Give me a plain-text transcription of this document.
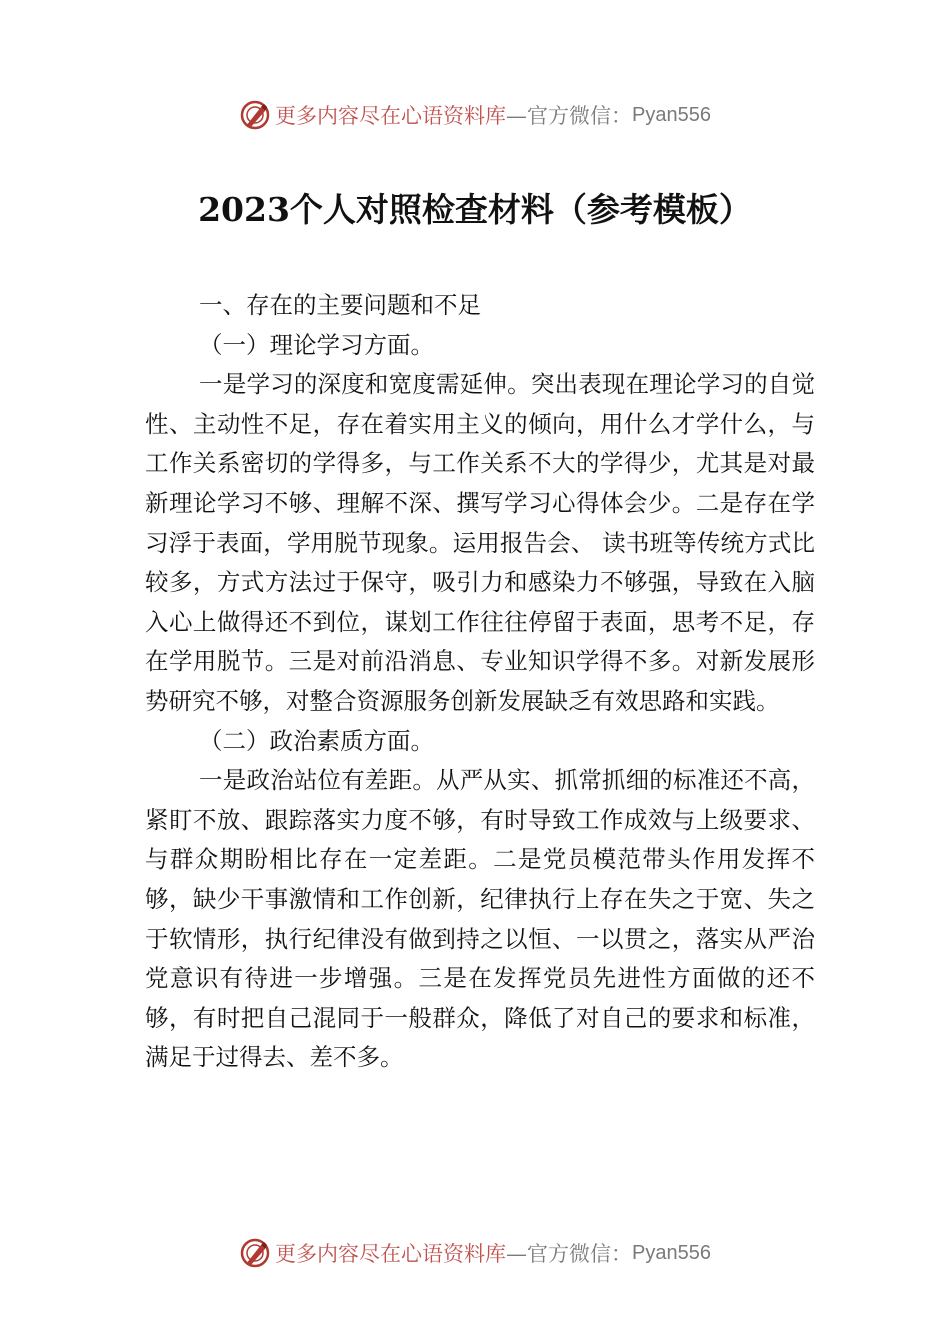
更多内容尽在心语资料库 —官方微信： Pyan556
2023个人对照检查材料（参考模板）

一、存在的主要问题和不足

（一）理论学习方面。

一是学习的深度和宽度需延伸。突出表现在理论学习的自觉性、主动性不足，存在着实用主义的倾向，用什么才学什么，与工作关系密切的学得多，与工作关系不大的学得少，尤其是对最新理论学习不够、理解不深、撰写学习心得体会少。二是存在学习浮于表面，学用脱节现象。运用报告会、 读书班等传统方式比较多，方式方法过于保守，吸引力和感染力不够强，导致在入脑入心上做得还不到位，谋划工作往往停留于表面，思考不足，存在学用脱节。三是对前沿消息、专业知识学得不多。对新发展形势研究不够，对整合资源服务创新发展缺乏有效思路和实践。

（二）政治素质方面。

一是政治站位有差距。从严从实、抓常抓细的标准还不高，紧盯不放、跟踪落实力度不够，有时导致工作成效与上级要求、与群众期盼相比存在一定差距。二是党员模范带头作用发挥不够，缺少干事激情和工作创新，纪律执行上存在失之于宽、失之于软情形，执行纪律没有做到持之以恒、一以贯之，落实从严治党意识有待进一步增强。三是在发挥党员先进性方面做的还不够，有时把自己混同于一般群众，降低了对自己的要求和标准，满足于过得去、差不多。

更多内容尽在心语资料库 —官方微信： Pyan556
